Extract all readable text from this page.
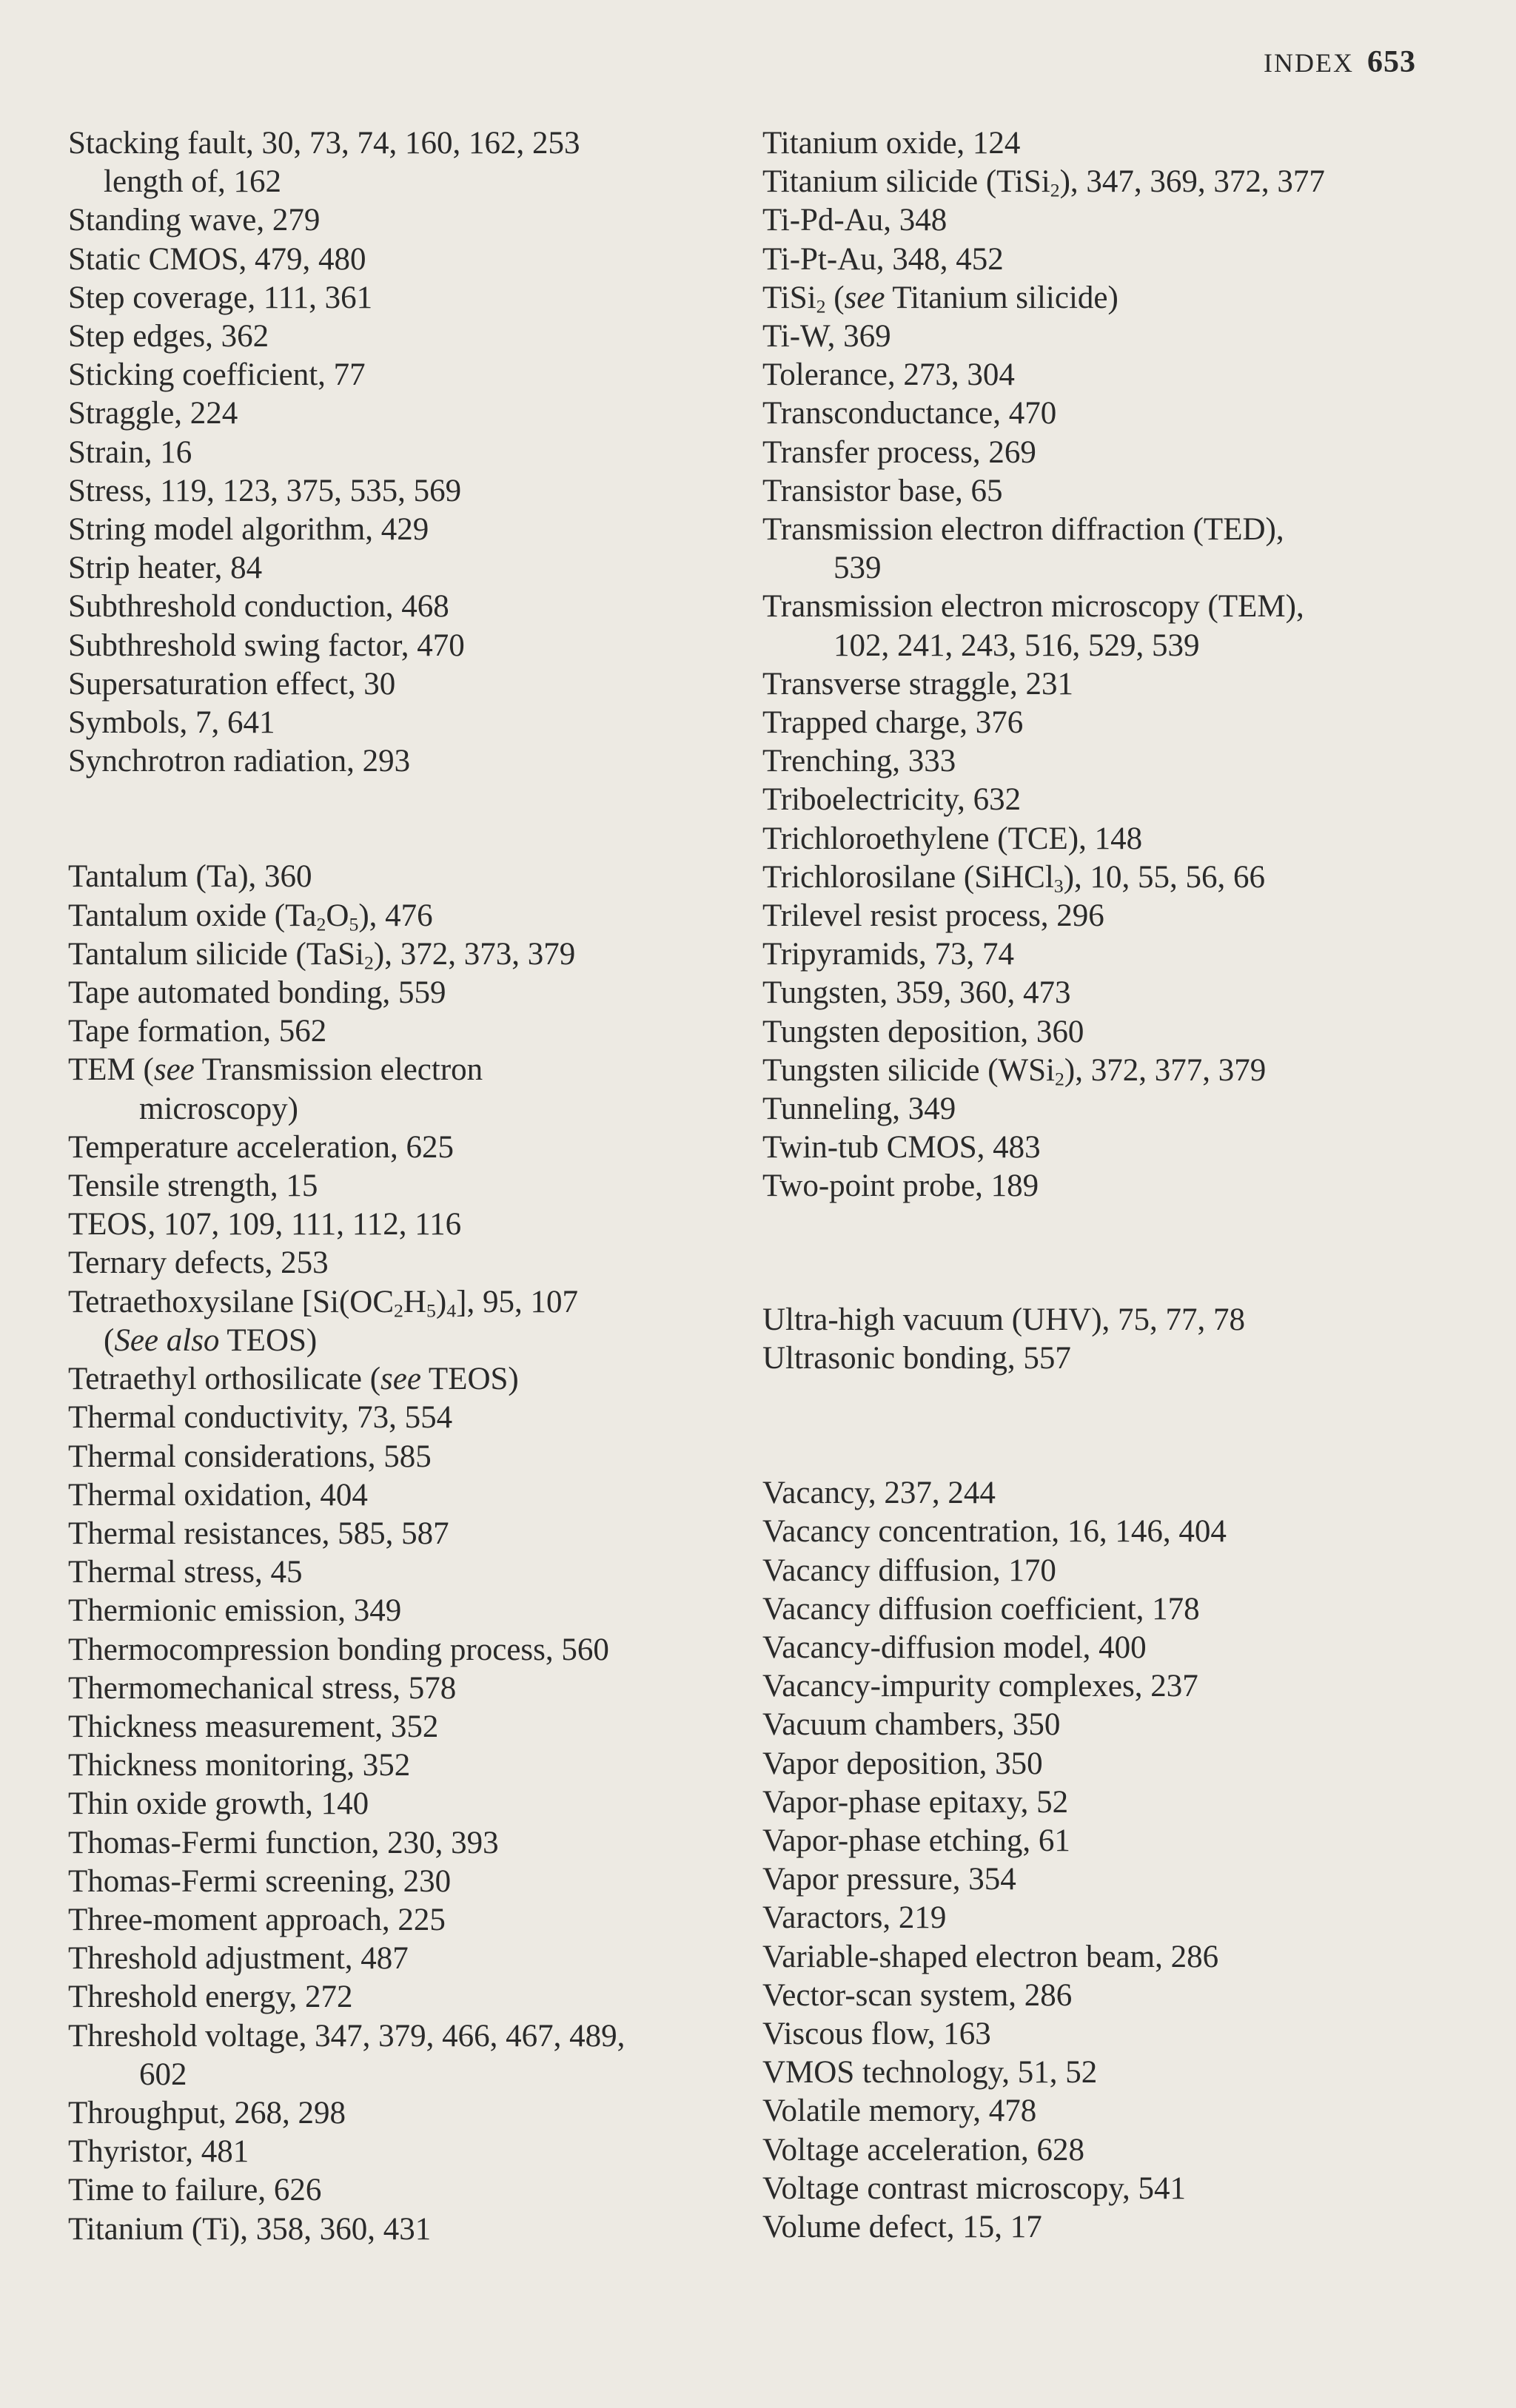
INDEX 653
Stacking fault, 30, 73, 74, 160, 162, 253
length of, 162
Standing wave, 279
Static CMOS, 479, 480
Step coverage, 111, 361
Step edges, 362
Sticking coefficient, 77
Straggle, 224
Strain, 16
Stress, 119, 123, 375, 535, 569
String model algorithm, 429
Strip heater, 84
Subthreshold conduction, 468
Subthreshold swing factor, 470
Supersaturation effect, 30
Symbols, 7, 641
Synchrotron radiation, 293
Tantalum (Ta), 360
Tantalum oxide $(Ta_2O_5)$, 476
Tantalum silicide (TaSi$_2$), 372, 373, 379
Tape automated bonding, 559
Tape formation, 562
TEM (see Transmission electron
microscopy)
Temperature acceleration, 625
Tensile strength, 15
TEOS, 107, 109, 111, 112, 116
Ternary defects, 253
Tetraethoxysilane $[Si(OC_2H_5)_4]$, 95, 107
(See also TEOS)
Tetraethyl orthosilicate (see TEOS)
Thermal conductivity, 73, 554
Thermal considerations, 585
Thermal oxidation, 404
Thermal resistances, 585, 587
Thermal stress, 45
Thermionic emission, 349
Thermocompression bonding process, 560
Thermomechanical stress, 578
Thickness measurement, 352
Thickness monitoring, 352
Thin oxide growth, 140
Thomas-Fermi function, 230, 393
Thomas-Fermi screening, 230
Three-moment approach, 225
Threshold adjustment, 487
Threshold energy, 272
Threshold voltage, 347, 379, 466, 467, 489,
602
Throughput, 268, 298
Thyristor, 481
Time to failure, 626
Titanium (Ti), 358, 360, 431
Titanium oxide, 124
Titanium silicide (TiSi$_2$), 347, 369, 372, 377
Ti-Pd-Au, 348
Ti-Pt-Au, 348, 452
TiSi$_2$ (see Titanium silicide)
Ti-W, 369
Tolerance, 273, 304
Transconductance, 470
Transfer process, 269
Transistor base, 65
Transmission electron diffraction (TED),
539
Transmission electron microscopy (TEM),
102, 241, 243, 516, 529, 539
Transverse straggle, 231
Trapped charge, 376
Trenching, 333
Triboelectricity, 632
Trichloroethylene (TCE), 148
Trichlorosilane (SiHCl$_3$), 10, 55, 56, 66
Trilevel resist process, 296
Tripyramids, 73, 74
Tungsten, 359, 360, 473
Tungsten deposition, 360
Tungsten silicide (WSi$_2$), 372, 377, 379
Tunneling, 349
Twin-tub CMOS, 483
Two-point probe, 189
Ultra-high vacuum (UHV), 75, 77, 78
Ultrasonic bonding, 557
Vacancy, 237, 244
Vacancy concentration, 16, 146, 404
Vacancy diffusion, 170
Vacancy diffusion coefficient, 178
Vacancy-diffusion model, 400
Vacancy-impurity complexes, 237
Vacuum chambers, 350
Vapor deposition, 350
Vapor-phase epitaxy, 52
Vapor-phase etching, 61
Vapor pressure, 354
Varactors, 219
Variable-shaped electron beam, 286
Vector-scan system, 286
Viscous flow, 163
VMOS technology, 51, 52
Volatile memory, 478
Voltage acceleration, 628
Voltage contrast microscopy, 541
Volume defect, 15, 17
